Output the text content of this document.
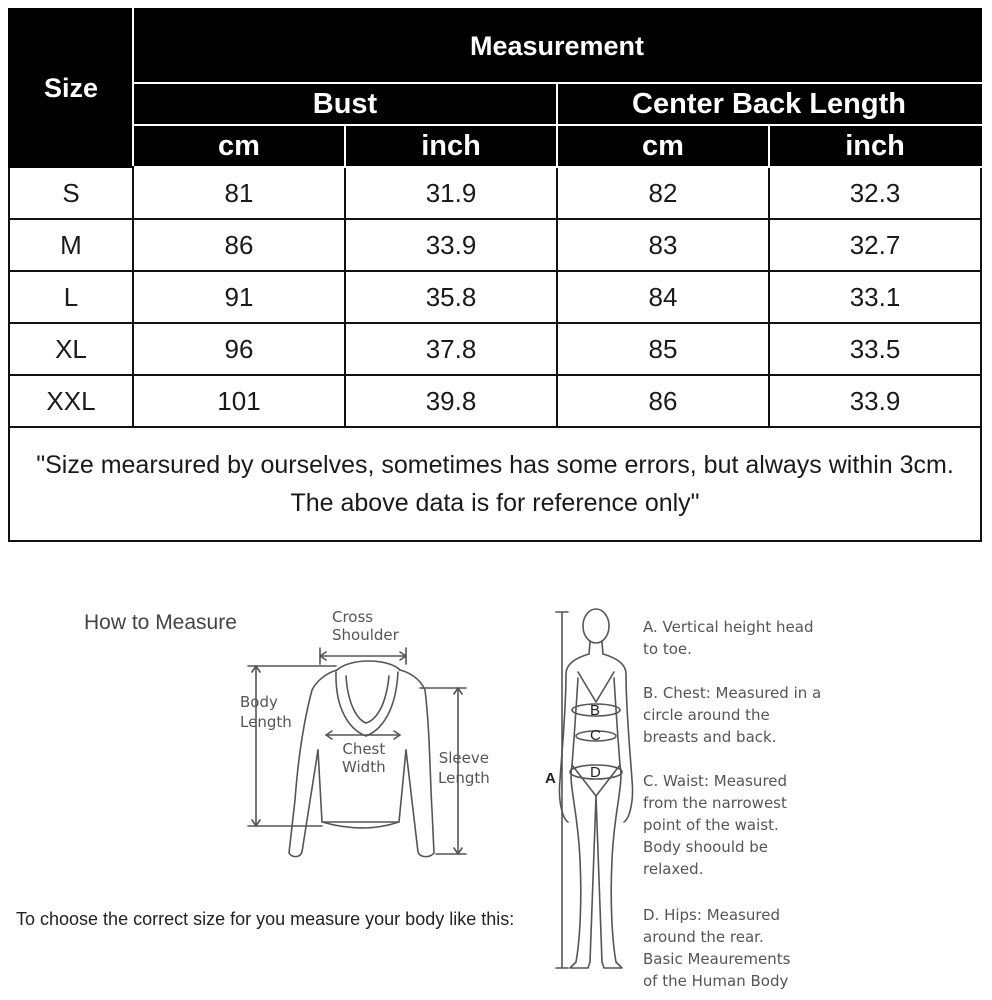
Size	Measurement			
	Bust		Center Back Length	
	cm	inch	cm	inch
S	81	31.9	82	32.3
M	86	33.9	83	32.7
L	91	35.8	84	33.1
XL	96	37.8	85	33.5
XXL	101	39.8	86	33.9

"Size mearsured by ourselves, sometimes has some errors, but always within 3cm.
The above data is for reference only"				
How to Measure	Cross
Shoulder
Body
Length
Chest
Width	Sleeve
Length
To choose the correct size for you measure your body like this:
A
B
C
D
A. Vertical height head
to toe.
B. Chest: Measured in a
circle around the
breasts and back.
C. Waist: Measured
from the narrowest
point of the waist.
Body shoould be
relaxed.
D. Hips: Measured
around the rear.
Basic Meaurements
of the Human Body
